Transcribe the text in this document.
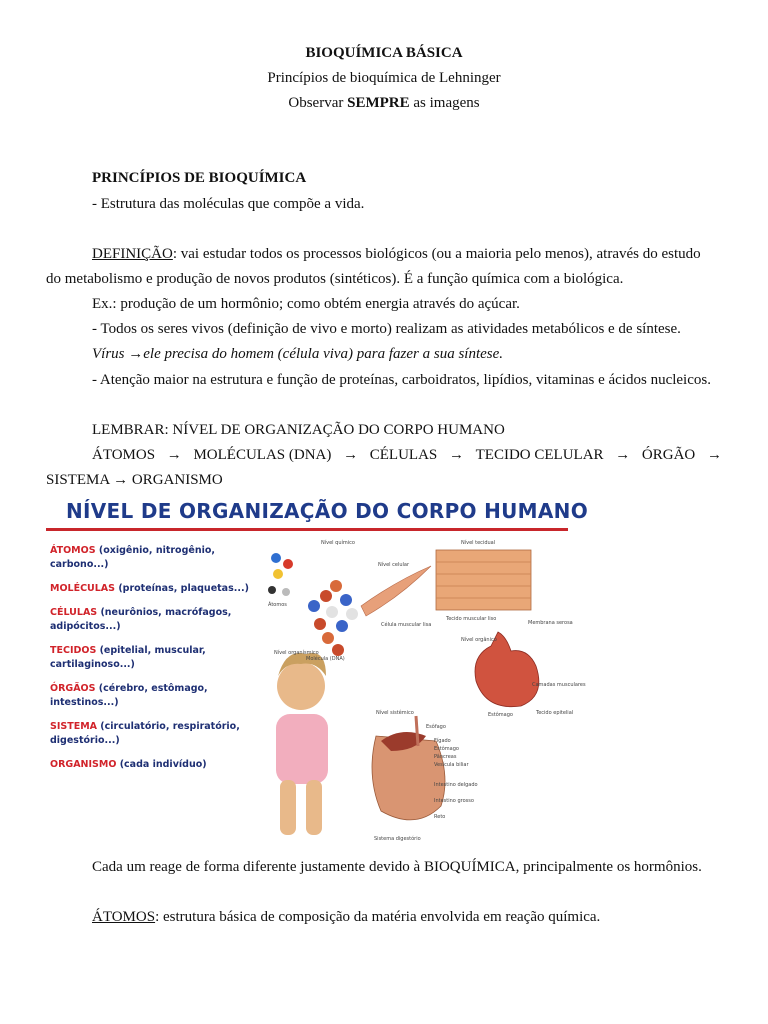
BIOQUÍMICA BÁSICA
Princípios de bioquímica de Lehninger
Observar SEMPRE as imagens
PRINCÍPIOS DE BIOQUÍMICA
- Estrutura das moléculas que compõe a vida.
DEFINIÇÃO: vai estudar todos os processos biológicos (ou a maioria pelo menos), através do estudo
do metabolismo e produção de novos produtos (sintéticos). É a função química com a biológica.
Ex.: produção de um hormônio; como obtém energia através do açúcar.
- Todos os seres vivos (definição de vivo e morto) realizam as atividades metabólicos e de síntese.
Vírus →ele precisa do homem (célula viva) para fazer a sua síntese.
- Atenção maior na estrutura e função de proteínas, carboidratos, lipídios, vitaminas e ácidos nucleicos.
LEMBRAR: NÍVEL DE ORGANIZAÇÃO DO CORPO HUMANO
ÁTOMOS → MOLÉCULAS (DNA) → CÉLULAS → TECIDO CELULAR → ÓRGÃO →
SISTEMA → ORGANISMO
NÍVEL DE ORGANIZAÇÃO DO CORPO HUMANO
ÁTOMOS (oxigênio, nitrogênio, carbono...)
MOLÉCULAS (proteínas, plaquetas...)
CÉLULAS (neurônios, macrófagos, adipócitos...)
TECIDOS (epitelial, muscular, cartilaginoso...)
ÓRGÃOS (cérebro, estômago, intestinos...)
SISTEMA (circulatório, respiratório, digestório...)
ORGANISMO (cada indivíduo)
Nível químico	Nível tecidual
Nível celular
Átomos
Célula muscular lisa
Tecido muscular liso
Molécula (DNA)
Nível orgânico
Membrana serosa
Nível organísmico
Camadas musculares
Nível sistêmico	Estômago	Tecido epitelial
Esôfago
Fígado
Estômago
Pâncreas
Vesícula biliar
Intestino delgado
Intestino grosso
Reto
Sistema digestório
Cada um reage de forma diferente justamente devido à BIOQUÍMICA, principalmente os hormônios.
ÁTOMOS: estrutura básica de composição da matéria envolvida em reação química.
